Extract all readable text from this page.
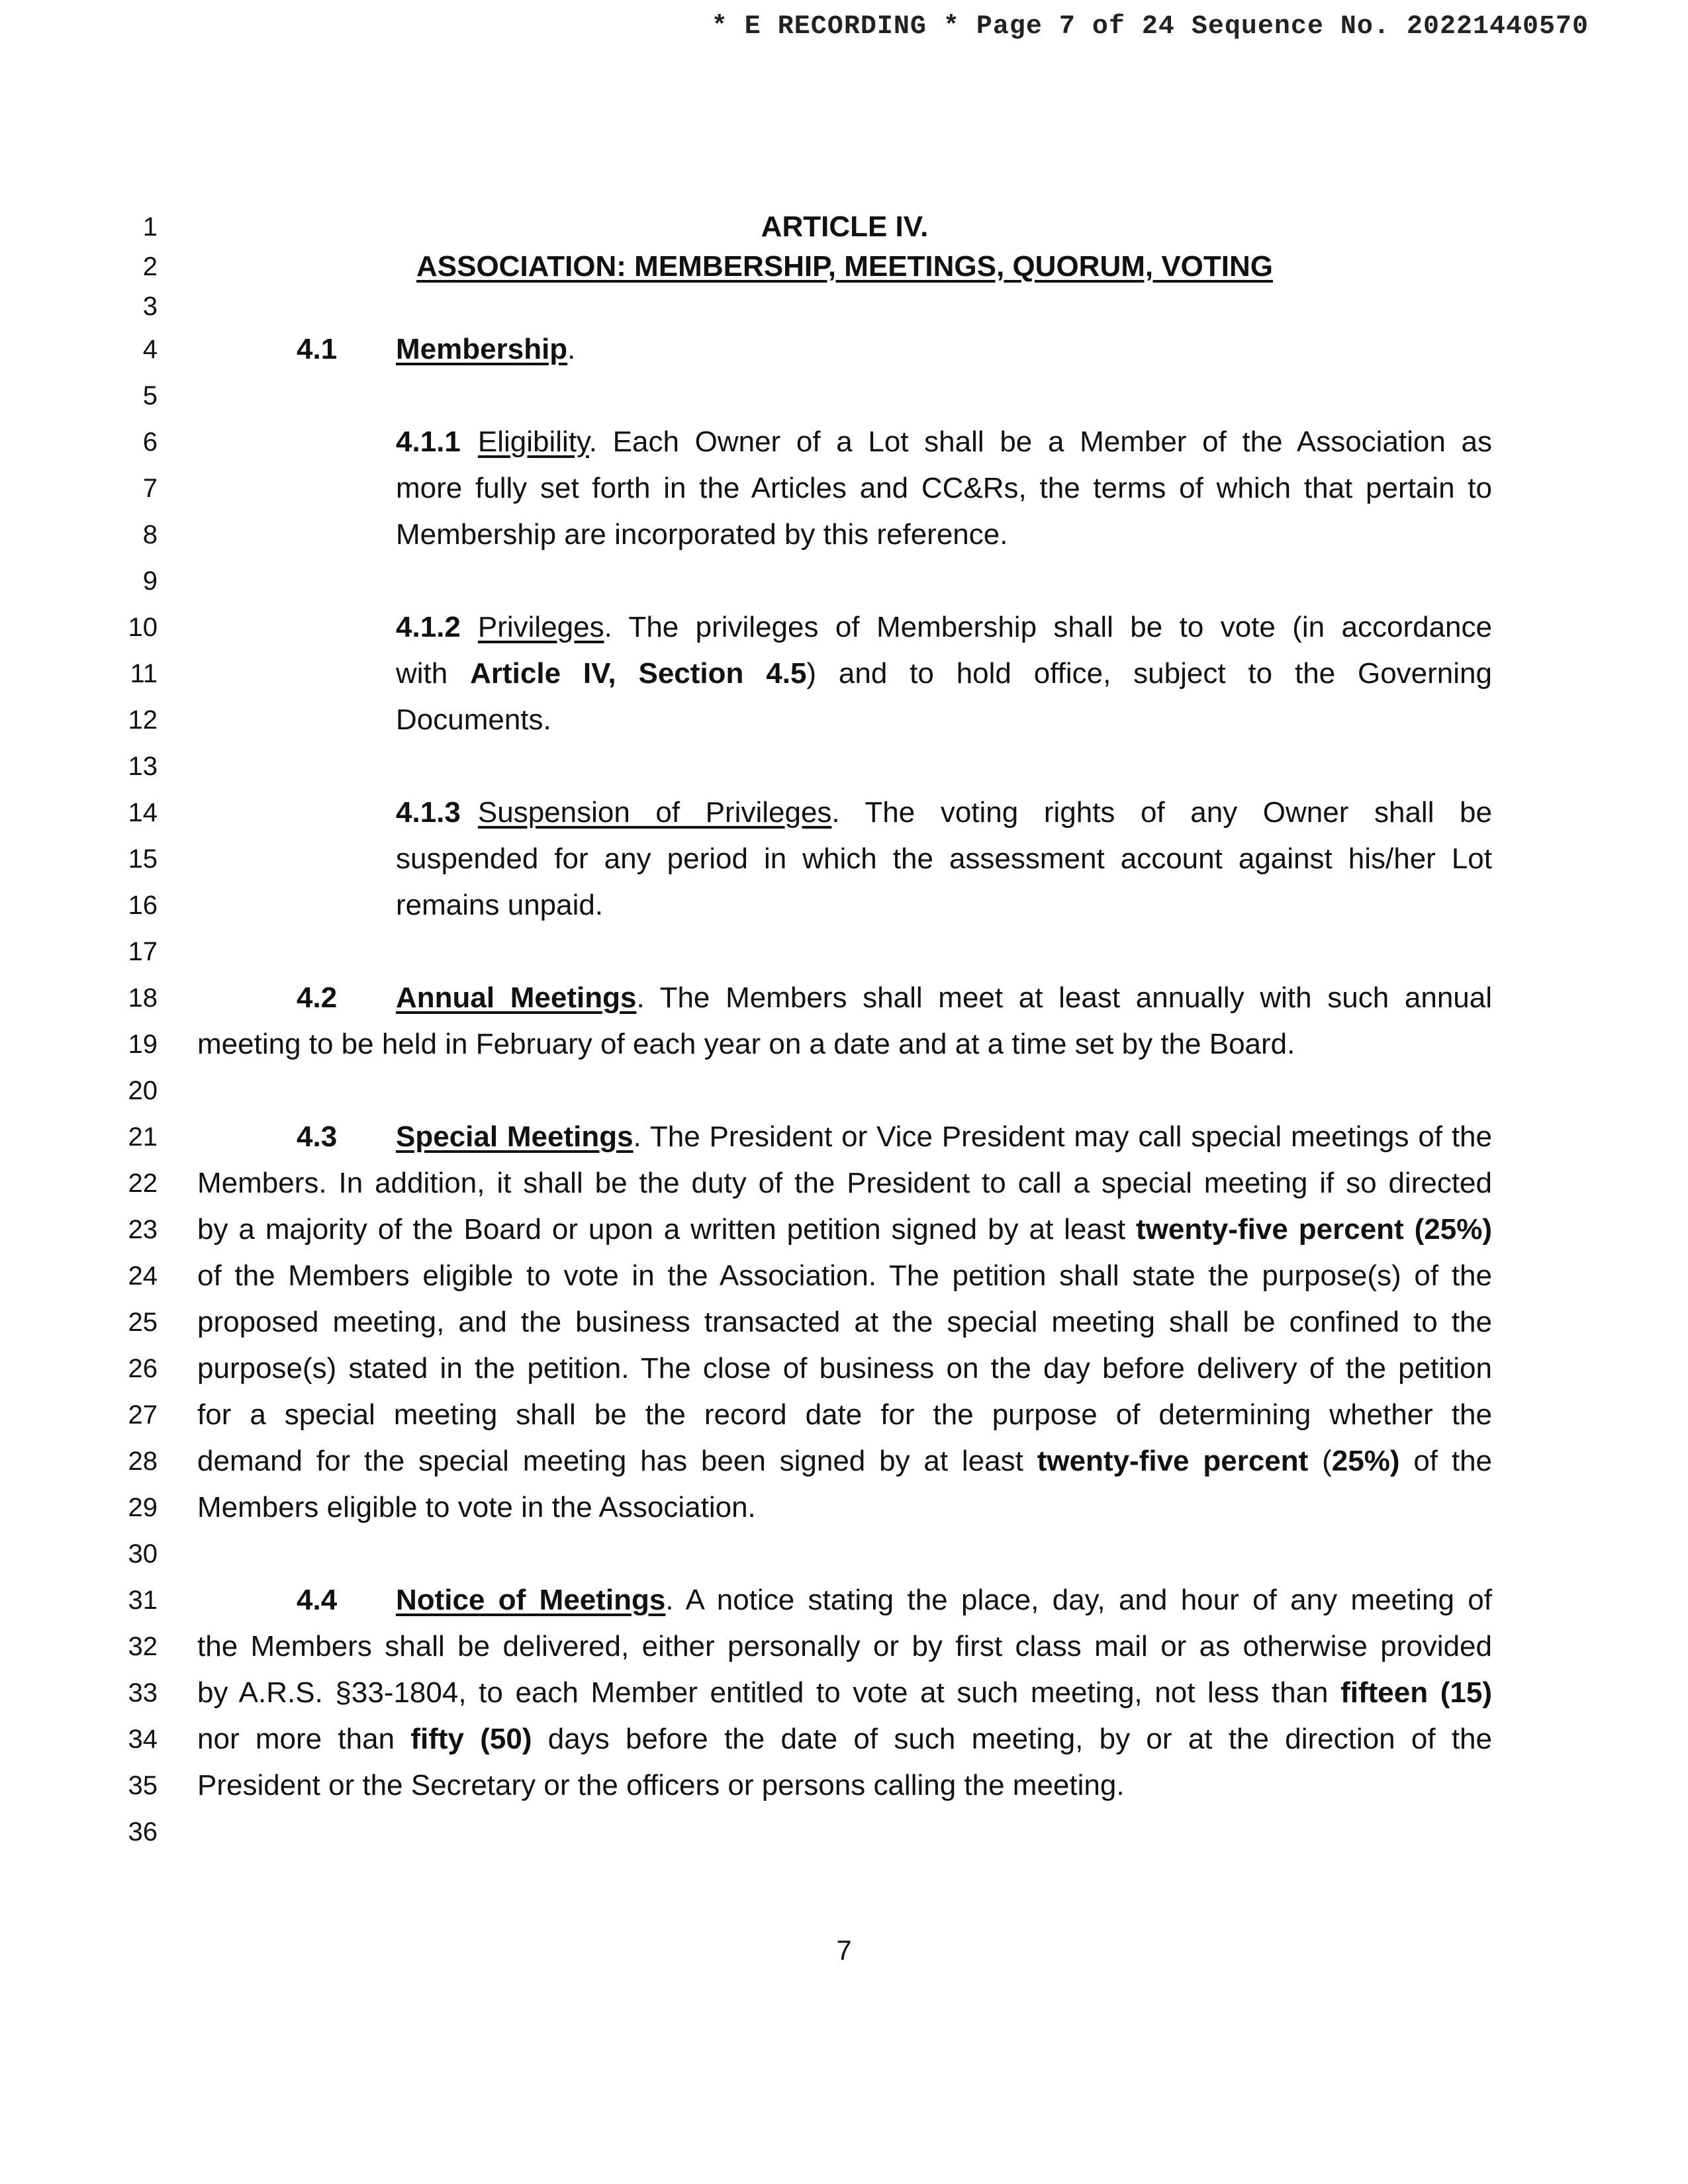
* E RECORDING * Page 7 of 24 Sequence No. 20221440570
1
2
3
4
5
6
7
8
9
10
11
12
13
14
15
16
17
18
19
20
21
22
23
24
25
26
27
28
29
30
31
32
33
34
35
36
ARTICLE IV.
ASSOCIATION: MEMBERSHIP, MEETINGS, QUORUM, VOTING
4.1 Membership.
4.1.1 Eligibility. Each Owner of a Lot shall be a Member of the Association as
more fully set forth in the Articles and CC&Rs, the terms of which that pertain to
Membership are incorporated by this reference.
4.1.2 Privileges. The privileges of Membership shall be to vote (in accordance
with Article IV, Section 4.5) and to hold office, subject to the Governing
Documents.
4.1.3 Suspension of Privileges. The voting rights of any Owner shall be
suspended for any period in which the assessment account against his/her Lot
remains unpaid.
4.2 Annual Meetings. The Members shall meet at least annually with such annual
meeting to be held in February of each year on a date and at a time set by the Board.
4.3 Special Meetings. The President or Vice President may call special meetings of the
Members. In addition, it shall be the duty of the President to call a special meeting if so directed
by a majority of the Board or upon a written petition signed by at least twenty-five percent (25%)
of the Members eligible to vote in the Association. The petition shall state the purpose(s) of the
proposed meeting, and the business transacted at the special meeting shall be confined to the
purpose(s) stated in the petition. The close of business on the day before delivery of the petition
for a special meeting shall be the record date for the purpose of determining whether the
demand for the special meeting has been signed by at least twenty-five percent (25%) of the
Members eligible to vote in the Association.
4.4 Notice of Meetings. A notice stating the place, day, and hour of any meeting of
the Members shall be delivered, either personally or by first class mail or as otherwise provided
by A.R.S. §33-1804, to each Member entitled to vote at such meeting, not less than fifteen (15)
nor more than fifty (50) days before the date of such meeting, by or at the direction of the
President or the Secretary or the officers or persons calling the meeting.
7
